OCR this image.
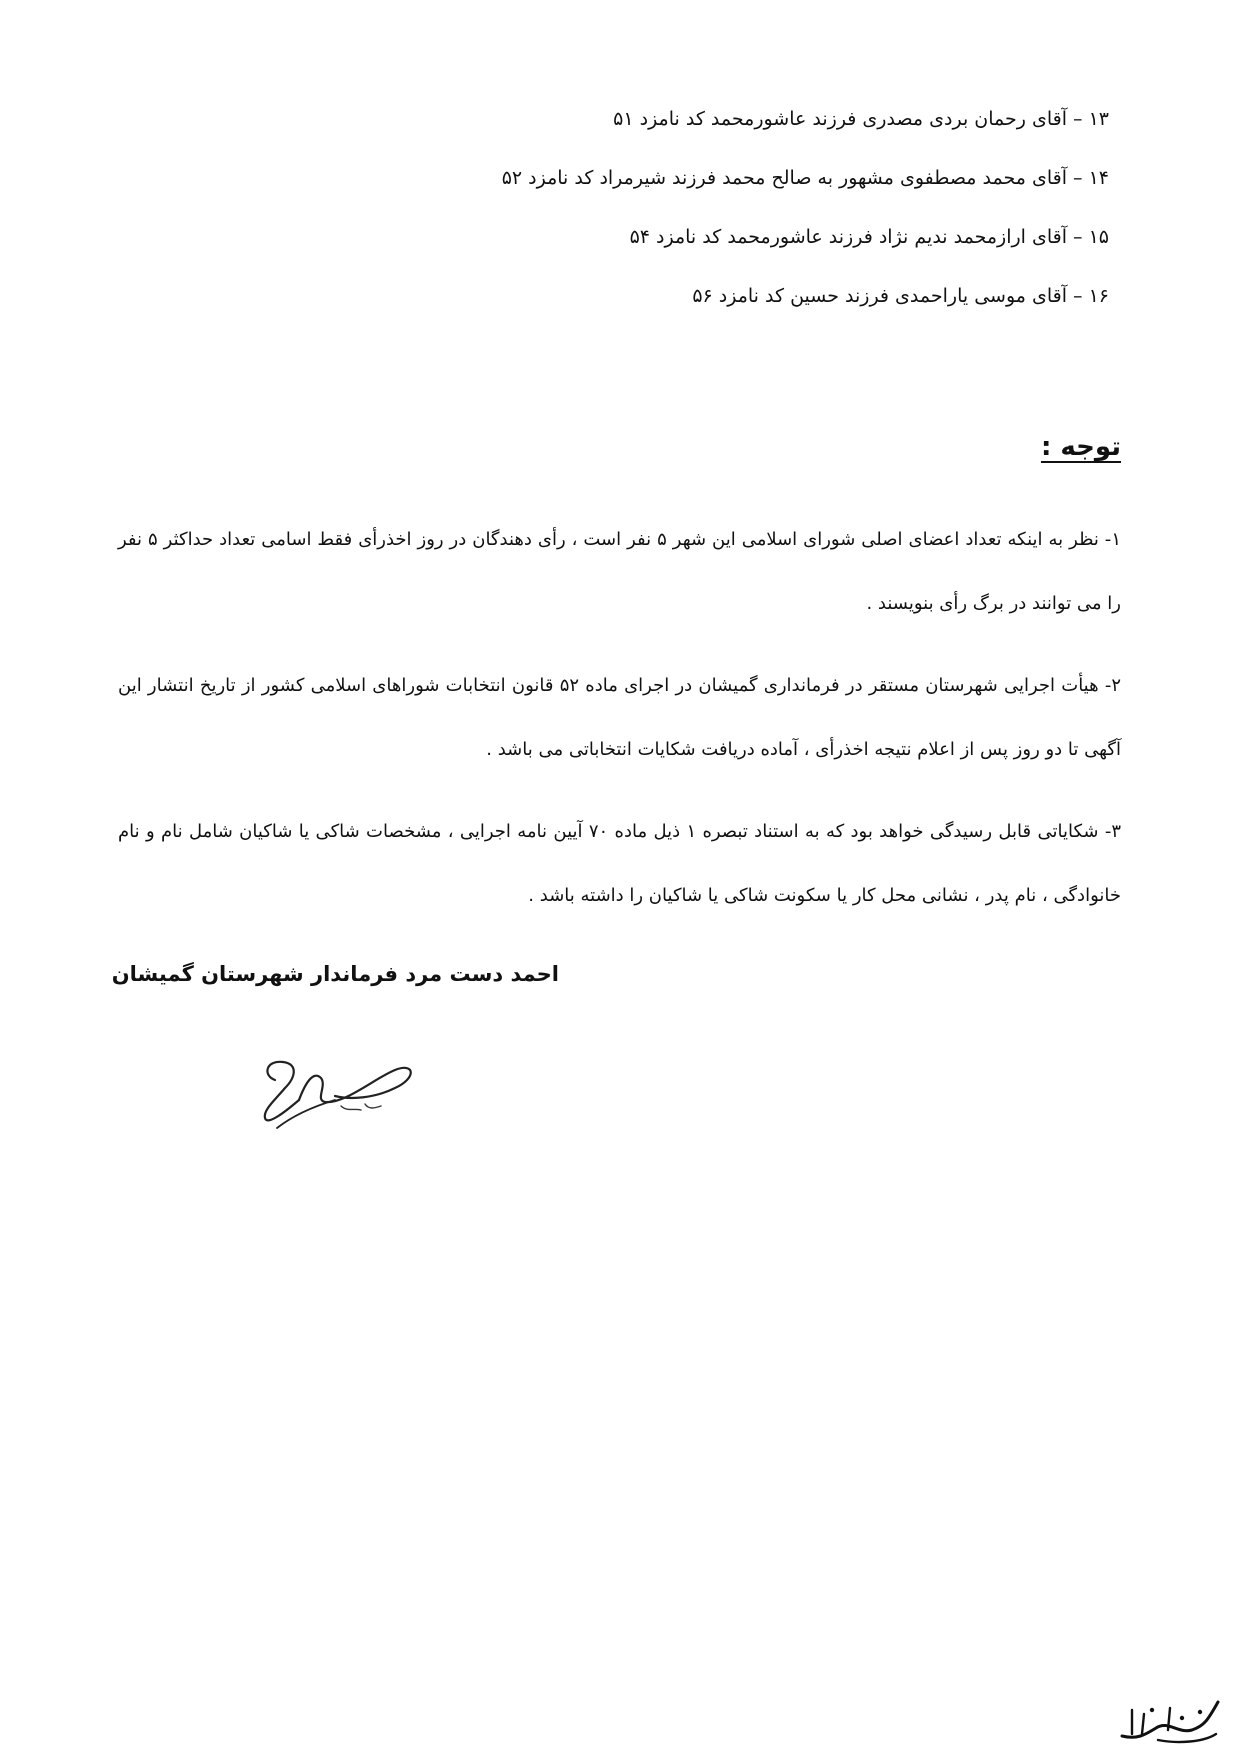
۱۳ – آقای رحمان بردی مصدری فرزند عاشورمحمد کد نامزد ۵۱
۱۴ – آقای محمد مصطفوی مشهور به صالح محمد فرزند شیرمراد کد نامزد ۵۲
۱۵ – آقای ارازمحمد ندیم نژاد فرزند عاشورمحمد کد نامزد ۵۴
۱۶ – آقای موسی یاراحمدی فرزند حسین کد نامزد ۵۶
توجه :
۱- نظر به اینکه تعداد اعضای اصلی شورای اسلامی این شهر ۵ نفر است ، رأی دهندگان در روز اخذرأی فقط اسامی تعداد حداکثر ۵ نفر را می توانند در برگ رأی بنویسند .
۲- هیأت اجرایی شهرستان مستقر در فرمانداری گمیشان در اجرای ماده ۵۲ قانون انتخابات شوراهای اسلامی کشور از تاریخ انتشار این آگهی تا دو روز پس از اعلام نتیجه اخذرأی ، آماده دریافت شکایات انتخاباتی می باشد .
۳- شکایاتی قابل رسیدگی خواهد بود که به استناد تبصره ۱ ذیل ماده ۷۰ آیین نامه اجرایی ، مشخصات شاکی یا شاکیان شامل نام و نام خانوادگی ، نام پدر ، نشانی محل کار یا سکونت شاکی یا شاکیان را داشته باشد .
احمد دست مرد فرماندار شهرستان گمیشان
